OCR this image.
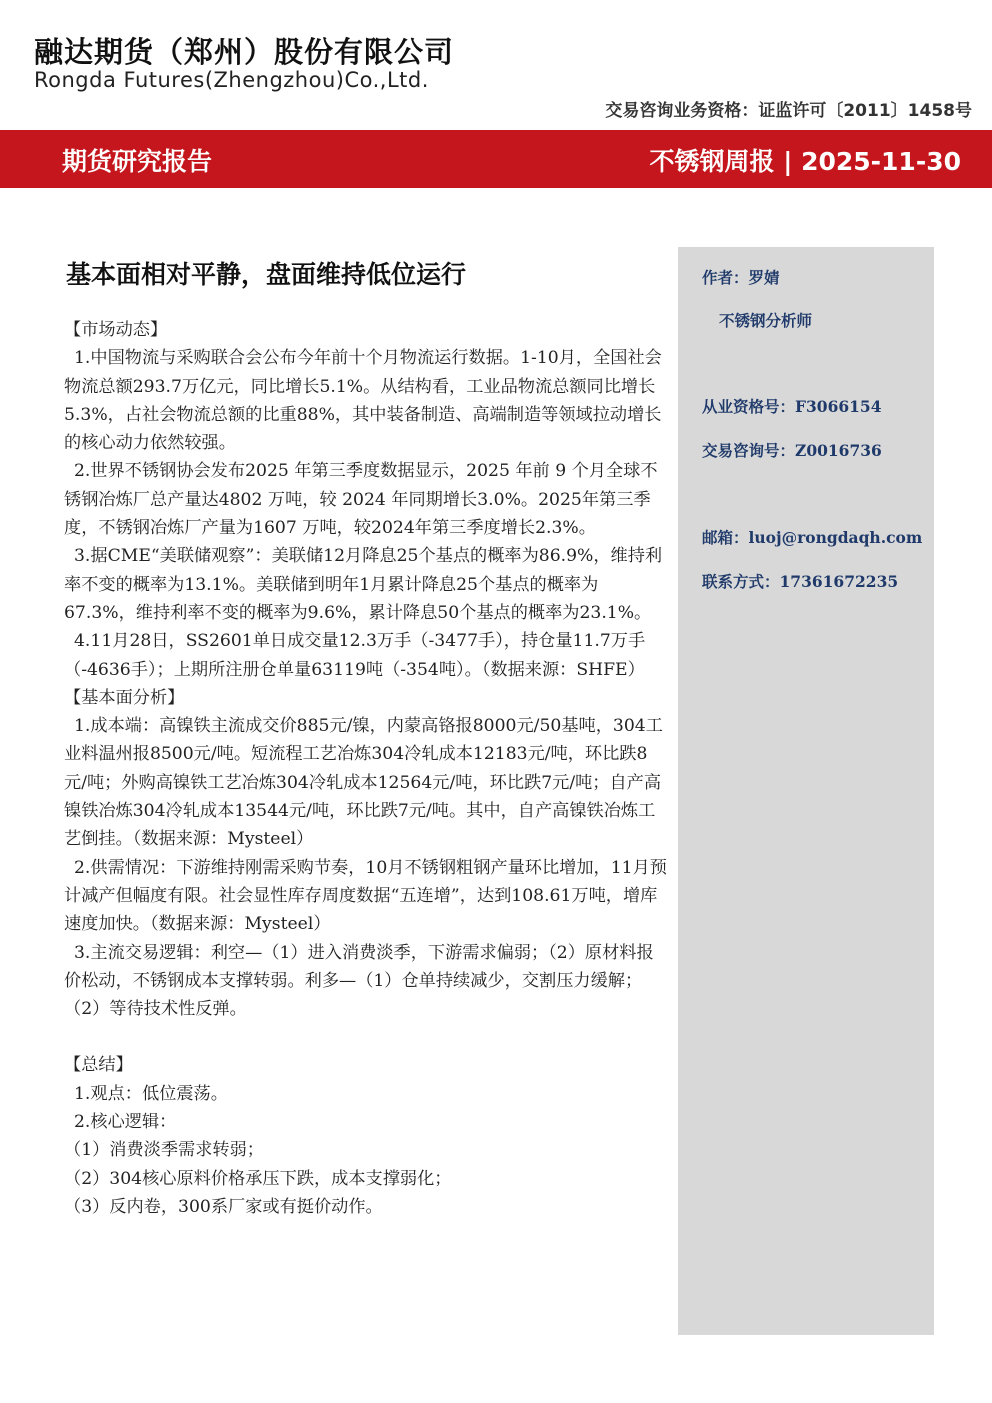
融达期货（郑州）股份有限公司
Rongda Futures(Zhengzhou)Co.,Ltd.
交易咨询业务资格：证监许可〔2011〕1458号
期货研究报告	不锈钢周报 | 2025-11-30
基本面相对平静，盘面维持低位运行

【市场动态】

1.中国物流与采购联合会公布今年前十个月物流运行数据。1-10月，全国社会物流总额293.7万亿元，同比增长5.1%。从结构看，工业品物流总额同比增长5.3%，占社会物流总额的比重88%，其中装备制造、高端制造等领域拉动增长的核心动力依然较强。

2.世界不锈钢协会发布2025 年第三季度数据显示，2025 年前 9 个月全球不锈钢冶炼厂总产量达4802 万吨，较 2024 年同期增长3.0%。2025年第三季度，不锈钢冶炼厂产量为1607 万吨，较2024年第三季度增长2.3%。

3.据CME“美联储观察”：美联储12月降息25个基点的概率为86.9%，维持利率不变的概率为13.1%。美联储到明年1月累计降息25个基点的概率为67.3%，维持利率不变的概率为9.6%，累计降息50个基点的概率为23.1%。

4.11月28日，SS2601单日成交量12.3万手（-3477手），持仓量11.7万手（-4636手）；上期所注册仓单量63119吨（-354吨）。（数据来源：SHFE）

【基本面分析】

1.成本端：高镍铁主流成交价885元/镍，内蒙高铬报8000元/50基吨，304工业料温州报8500元/吨。短流程工艺冶炼304冷轧成本12183元/吨，环比跌8元/吨；外购高镍铁工艺冶炼304冷轧成本12564元/吨，环比跌7元/吨；自产高镍铁冶炼304冷轧成本13544元/吨，环比跌7元/吨。其中，自产高镍铁冶炼工艺倒挂。（数据来源：Mysteel）

2.供需情况：下游维持刚需采购节奏，10月不锈钢粗钢产量环比增加，11月预计减产但幅度有限。社会显性库存周度数据“五连增”，达到108.61万吨，增库速度加快。（数据来源：Mysteel）

3.主流交易逻辑：利空—（1）进入消费淡季，下游需求偏弱；（2）原材料报价松动，不锈钢成本支撑转弱。利多—（1）仓单持续减少，交割压力缓解；（2）等待技术性反弹。

【总结】

1.观点：低位震荡。

2.核心逻辑：

（1）消费淡季需求转弱；

（2）304核心原料价格承压下跌，成本支撑弱化；

（3）反内卷，300系厂家或有挺价动作。

作者：罗婧
不锈钢分析师
从业资格号：F3066154
交易咨询号：Z0016736
邮箱：luoj@rongdaqh.com
联系方式：17361672235
